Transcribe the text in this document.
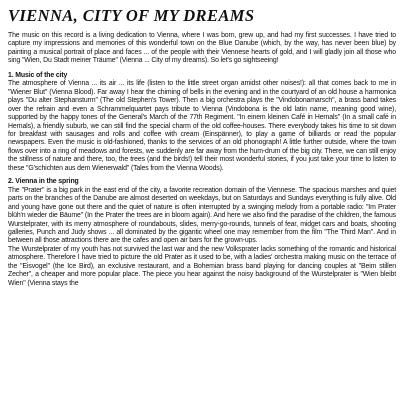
VIENNA, CITY OF MY DREAMS

The music on this record is a living dedication to Vienna, where I was born, grew up, and had my first successes. I have tried to capture my impressions and memories of this wonderful town on the Blue Danube (which, by the way, has never been blue) by painting a musical portrait of place and faces ... of the people with their Viennese hearts of gold, and I will gladly join all those who sing "Wien, Du Stadt meiner Träume" (Vienna ... City of my dreams). So let's go sightseeing!

1. Music of the city

The atmosphere of Vienna ... its air ... its life (listen to the little street organ amidst other noises!): all that comes back to me in "Wiener Blut" (Vienna Blood). Far away I hear the chiming of bells in the evening and in the courtyard of an old house a harmonica plays "Du alter Stephansturm" (The old Stephen's Tower). Then a big orchestra plays the "Vindobonamarsch", a brass band takes over the refrain and even a Schrammelquartet pays tribute to Vienna (Vindobona is the old latin name, meaning good wine), supported by the happy tones of the General's March of the 77th Regiment. "In einem kleinen Café in Hernals" (In a small café in Hernals), a friendly suburb, we can still find the special charm of the old coffee-houses. There everybody takes his time to sit down for breakfast with sausages and rolls and coffee with cream (Einspänner), to play a game of billiards or read the popular newspapers. Even the music is old-fashioned, thanks to the services of an old phonograph! A little further outside, where the town flows over into a ring of meadows and forests, we suddenly are far away from the hum-drum of the big city. There, we can still enjoy the stillness of nature and there, too, the trees (and the birds!) tell their most wonderful stories, if you just take your time to listen to these "G'schichten aus dem Wienerwald" (Tales from the Vienna Woods).

2. Vienna in the spring

The "Prater" is a big park in the east end of the city, a favorite recreation domain of the Viennese. The spacious marshes and quiet parts on the branches of the Danube are almost deserted on weekdays, but on Saturdays and Sundays everything is fully alive. Old and young have gone out there and the quiet of nature is often interrupted by a swinging melody from a portable radio: "Im Prater blüh'n wieder die Bäume" (In the Prater the trees are in bloom again). And here we also find the paradise of the children, the famous Wurstelprater, with its merry atmosphere of roundabouts, slides, merry-go-rounds, tunnels of fear, midget cars and boats, shooting galleries, Punch and Judy shows ... all dominated by the gigantic wheel one may remember from the film "The Third Man". And in between all those attractions there are the cafes and open air bars for the grown-ups.

The Wurstelprater of my youth has not survived the last war and the new Volksprater lacks something of the romantic and historical atmosphere. Therefore I have tried to picture the old Prater as it used to be, with a ladies' orchestra making music on the terrace of the "Eisvogel" (the Ice Bird), an exclusive restaurant, and a Bohemian brass band playing for dancing couples at "Beim stillen Zecher", a cheaper and more popular place. The piece you hear against the noisy background of the Wurstelprater is "Wien bleibt Wien" (Vienna stays the
